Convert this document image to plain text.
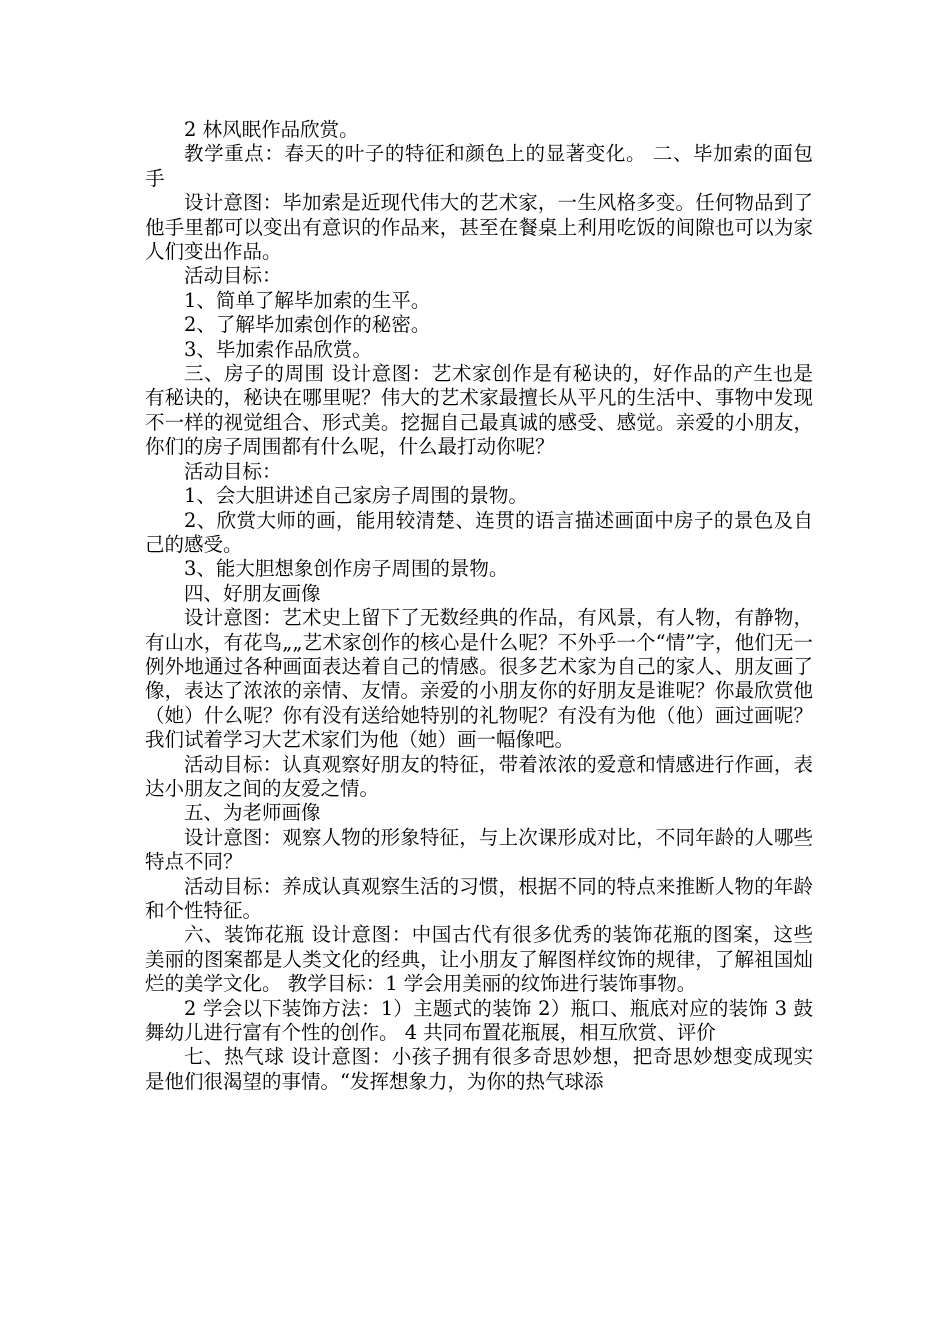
2 林风眠作品欣赏。

教学重点：春天的叶子的特征和颜色上的显著变化。 二、毕加索的面包手

设计意图：毕加索是近现代伟大的艺术家，一生风格多变。任何物品到了他手里都可以变出有意识的作品来，甚至在餐桌上利用吃饭的间隙也可以为家人们变出作品。

活动目标：

1、简单了解毕加索的生平。

2、了解毕加索创作的秘密。

3、毕加索作品欣赏。

三、房子的周围 设计意图：艺术家创作是有秘诀的，好作品的产生也是有秘诀的，秘诀在哪里呢？伟大的艺术家最擅长从平凡的生活中、事物中发现不一样的视觉组合、形式美。挖掘自己最真诚的感受、感觉。亲爱的小朋友，你们的房子周围都有什么呢，什么最打动你呢？

活动目标：

1、会大胆讲述自己家房子周围的景物。

2、欣赏大师的画，能用较清楚、连贯的语言描述画面中房子的景色及自己的感受。

3、能大胆想象创作房子周围的景物。

四、好朋友画像

设计意图：艺术史上留下了无数经典的作品，有风景，有人物，有静物，有山水，有花鸟„„艺术家创作的核心是什么呢？不外乎一个“情”字，他们无一例外地通过各种画面表达着自己的情感。很多艺术家为自己的家人、朋友画了像，表达了浓浓的亲情、友情。亲爱的小朋友你的好朋友是谁呢？你最欣赏他（她）什么呢？你有没有送给她特别的礼物呢？有没有为他（他）画过画呢？我们试着学习大艺术家们为他（她）画一幅像吧。

活动目标：认真观察好朋友的特征，带着浓浓的爱意和情感进行作画，表达小朋友之间的友爱之情。

五、为老师画像

设计意图：观察人物的形象特征，与上次课形成对比，不同年龄的人哪些特点不同？

活动目标：养成认真观察生活的习惯，根据不同的特点来推断人物的年龄和个性特征。

六、装饰花瓶 设计意图：中国古代有很多优秀的装饰花瓶的图案，这些美丽的图案都是人类文化的经典，让小朋友了解图样纹饰的规律，了解祖国灿烂的美学文化。 教学目标：1 学会用美丽的纹饰进行装饰事物。

2 学会以下装饰方法：1）主题式的装饰 2）瓶口、瓶底对应的装饰 3 鼓舞幼儿进行富有个性的创作。 4 共同布置花瓶展，相互欣赏、评价

七、热气球 设计意图：小孩子拥有很多奇思妙想，把奇思妙想变成现实是他们很渴望的事情。“发挥想象力，为你的热气球添
